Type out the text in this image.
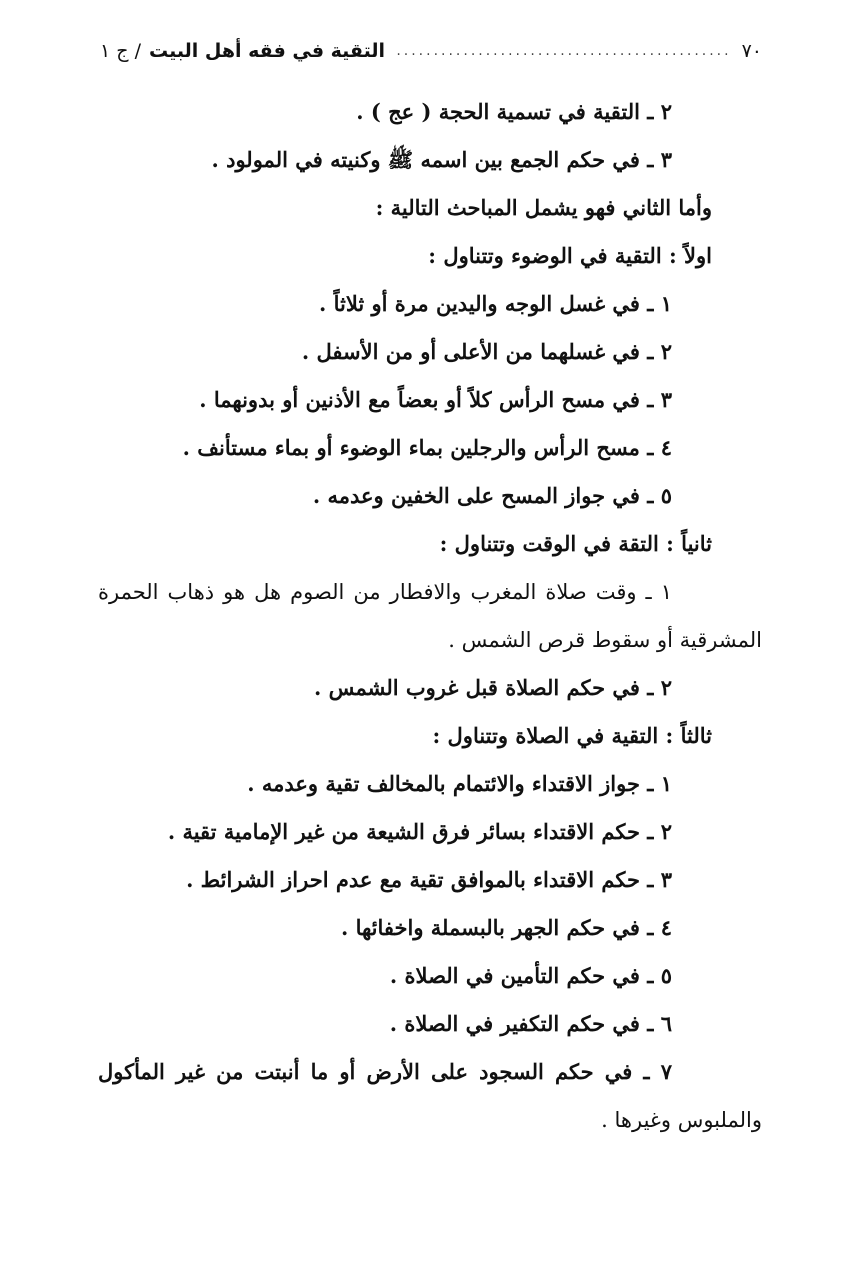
٧٠
.............................................
التقية في فقه أهل البيت
/ ج ١
٢ ـ التقية في تسمية الحجة ( عج ) .
٣ ـ في حكم الجمع بين اسمه ﷺ وكنيته في المولود .
وأما الثاني فهو يشمل المباحث التالية :
اولاً : التقية في الوضوء وتتناول :
١ ـ في غسل الوجه واليدين مرة أو ثلاثاً .
٢ ـ في غسلهما من الأعلى أو من الأسفل .
٣ ـ في مسح الرأس كلاً أو بعضاً مع الأذنين أو بدونهما .
٤ ـ مسح الرأس والرجلين بماء الوضوء أو بماء مستأنف .
٥ ـ في جواز المسح على الخفين وعدمه .
ثانياً : التقة في الوقت وتتناول :
١ ـ وقت صلاة المغرب والافطار من الصوم هل هو ذهاب الحمرة
المشرقية أو سقوط قرص الشمس .
٢ ـ في حكم الصلاة قبل غروب الشمس .
ثالثاً : التقية في الصلاة وتتناول :
١ ـ جواز الاقتداء والائتمام بالمخالف تقية وعدمه .
٢ ـ حكم الاقتداء بسائر فرق الشيعة من غير الإمامية تقية .
٣ ـ حكم الاقتداء بالموافق تقية مع عدم احراز الشرائط .
٤ ـ في حكم الجهر بالبسملة واخفائها .
٥ ـ في حكم التأمين في الصلاة .
٦ ـ في حكم التكفير في الصلاة .
٧ ـ في حكم السجود على الأرض أو ما أنبتت من غير المأكول
والملبوس وغيرها .
